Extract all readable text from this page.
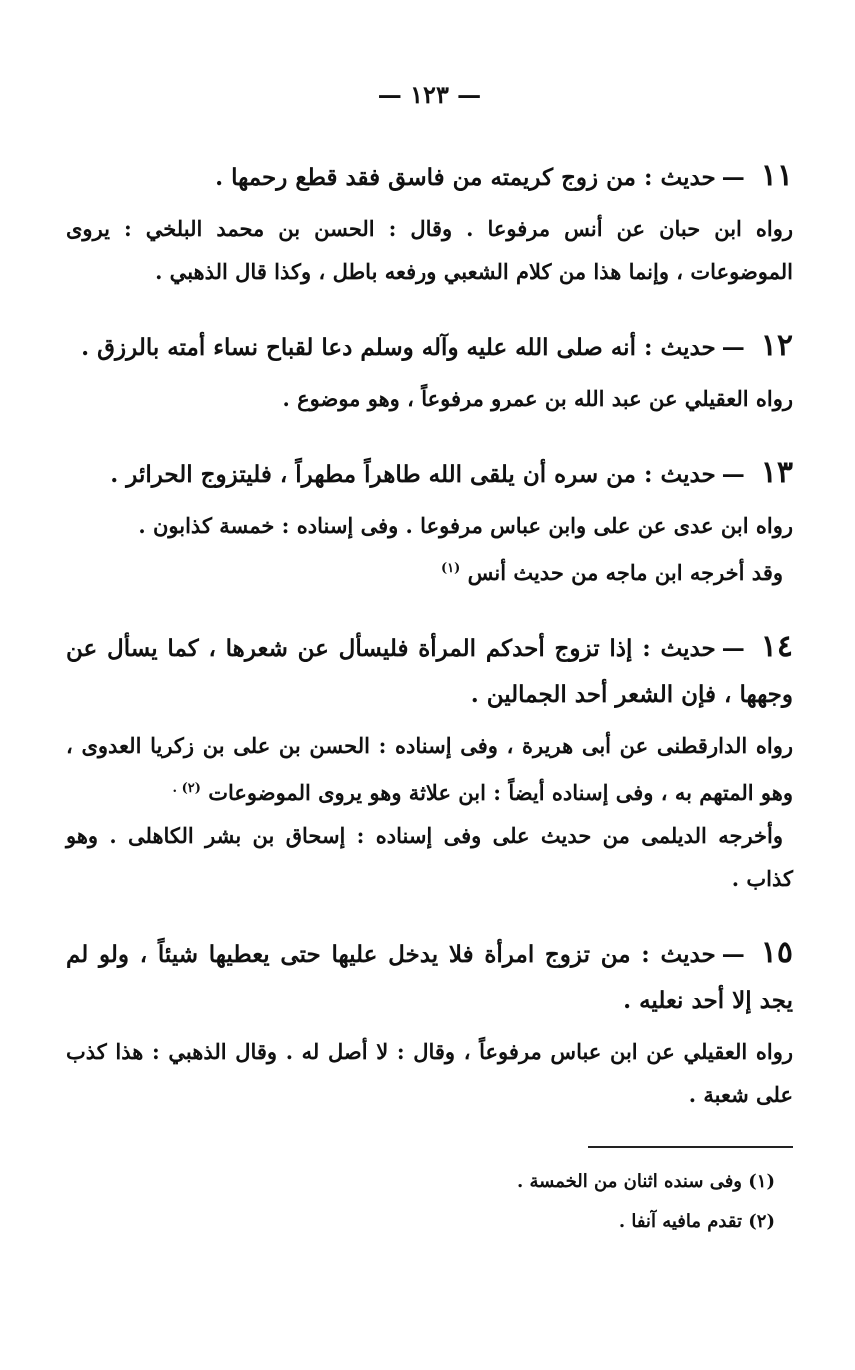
— ١٢٣ —

١١—حديث : من زوج كريمته من فاسق فقد قطع رحمها .

رواه ابن حبان عن أنس مرفوعا . وقال : الحسن بن محمد البلخي : يروى الموضوعات ، وإنما هذا من كلام الشعبي ورفعه باطل ، وكذا قال الذهبي .

١٢—حديث : أنه صلى الله عليه وآله وسلم دعا لقباح نساء أمته بالرزق .

رواه العقيلي عن عبد الله بن عمرو مرفوعاً ، وهو موضوع .

١٣—حديث : من سره أن يلقى الله طاهراً مطهراً ، فليتزوج الحرائر .

رواه ابن عدى عن على وابن عباس مرفوعا . وفى إسناده : خمسة كذابون .

وقد أخرجه ابن ماجه من حديث أنس $^{(١)}$

١٤—حديث : إذا تزوج أحدكم المرأة فليسأل عن شعرها ، كما يسأل عن وجهها ، فإن الشعر أحد الجمالين .

رواه الدارقطنى عن أبى هريرة ، وفى إسناده : الحسن بن على بن زكريا العدوى ، وهو المتهم به ، وفى إسناده أيضاً : ابن علاثة وهو يروى الموضوعات $^{(٢) .}$

وأخرجه الديلمى من حديث على وفى إسناده : إسحاق بن بشر الكاهلى . وهو كذاب .

١٥—حديث : من تزوج امرأة فلا يدخل عليها حتى يعطيها شيئاً ، ولو لم يجد إلا أحد نعليه .

رواه العقيلي عن ابن عباس مرفوعاً ، وقال : لا أصل له . وقال الذهبي : هذا كذب على شعبة .

(١) وفى سنده اثنان من الخمسة .

(٢) تقدم مافيه آنفا .
